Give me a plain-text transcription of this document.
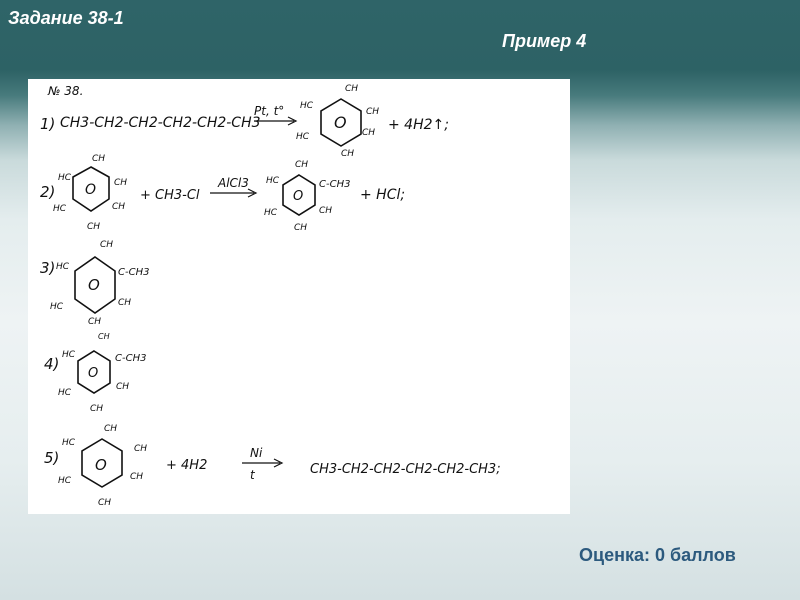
Задание 38-1
Пример 4
№ 38.
1) CH3-CH2-CH2-CH2-CH2-CH3
Pt, t°
O
CH
HC
CH
HC	CH
CH
+ 4H2↑;
2) O
CH
HC	CH
HC	CH
CH
+ CH3-Cl
AlCl3
O
CH
HC	C-CH3
HC	CH
CH
+ HCl;
3)
O
CH
HC	C-CH3
HC	CH
CH
4)
O
CH
HC	C-CH3
HC
CH
CH
5) O
CH
HC
CH
HC	CH
CH
+ 4H2
Ni
t	CH3-CH2-CH2-CH2-CH2-CH3;
Оценка: 0 баллов
